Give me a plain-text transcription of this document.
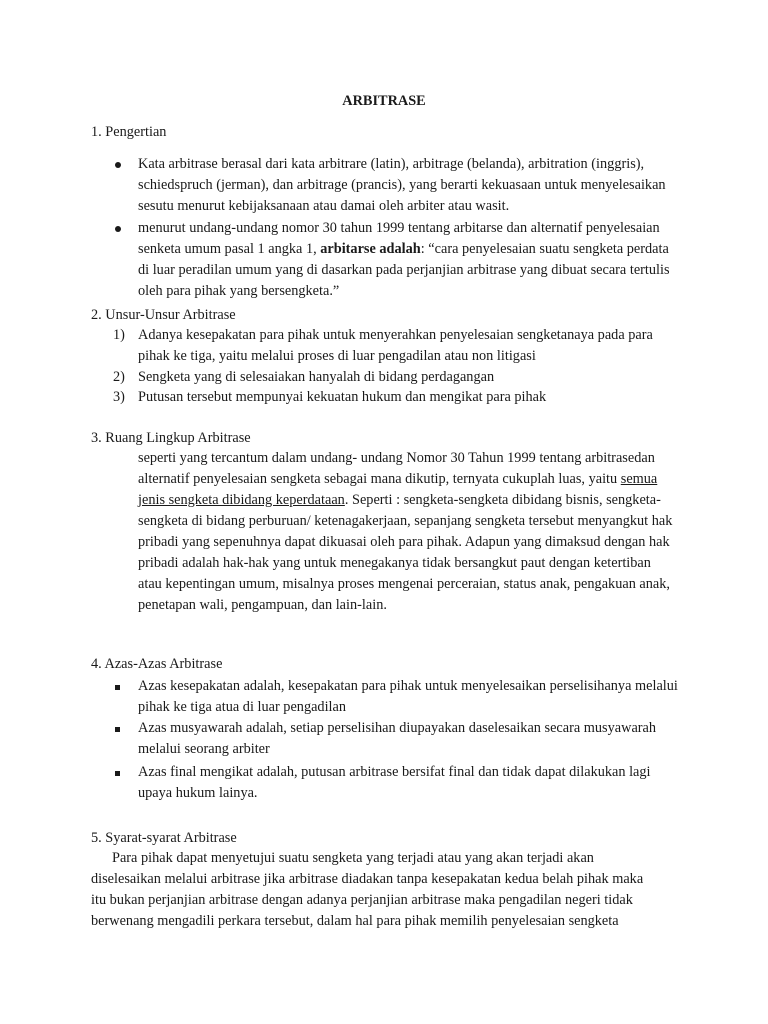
ARBITRASE
1. Pengertian
Kata arbitrase berasal dari kata arbitrare (latin), arbitrage (belanda), arbitration (inggris), schiedspruch (jerman), dan arbitrage (prancis), yang berarti kekuasaan untuk menyelesaikan sesutu menurut kebijaksanaan atau damai oleh arbiter atau wasit.
menurut undang-undang nomor 30 tahun 1999 tentang arbitarse dan alternatif penyelesaian senketa umum pasal 1 angka 1, arbitarse adalah: “cara penyelesaian suatu sengketa perdata di luar peradilan umum yang di dasarkan pada perjanjian arbitrase yang dibuat secara tertulis oleh para pihak yang bersengketa.”
2. Unsur-Unsur Arbitrase
1) Adanya kesepakatan para pihak untuk menyerahkan penyelesaian sengketanaya pada para pihak ke tiga, yaitu melalui proses di luar pengadilan atau non litigasi
2) Sengketa yang di selesaiakan hanyalah di bidang perdagangan
3) Putusan tersebut mempunyai kekuatan hukum dan mengikat para pihak
3. Ruang Lingkup Arbitrase
seperti yang tercantum dalam undang- undang Nomor 30 Tahun 1999 tentang arbitrasedan alternatif penyelesaian sengketa sebagai mana dikutip, ternyata cukuplah luas, yaitu semua jenis sengketa dibidang keperdataan. Seperti : sengketa-sengketa dibidang bisnis, sengketa-sengketa di bidang perburuan/ ketenagakerjaan, sepanjang sengketa tersebut menyangkut hak pribadi yang sepenuhnya dapat dikuasai oleh para pihak. Adapun yang dimaksud dengan hak pribadi adalah hak-hak yang untuk menegakanya tidak bersangkut paut dengan ketertiban atau kepentingan umum, misalnya proses mengenai perceraian, status anak, pengakuan anak, penetapan wali, pengampuan, dan lain-lain.
4. Azas-Azas Arbitrase
Azas kesepakatan adalah, kesepakatan para pihak untuk menyelesaikan perselisihanya melalui pihak ke tiga atua di luar pengadilan
Azas musyawarah adalah, setiap perselisihan diupayakan daselesaikan secara musyawarah melalui seorang arbiter
Azas final mengikat adalah, putusan arbitrase bersifat final dan tidak dapat dilakukan lagi upaya hukum lainya.
5. Syarat-syarat Arbitrase
Para pihak dapat menyetujui suatu sengketa yang terjadi atau yang akan terjadi akan
diselesaikan melalui arbitrase jika arbitrase diadakan tanpa kesepakatan kedua belah pihak maka
itu bukan perjanjian arbitrase dengan adanya perjanjian arbitrase maka pengadilan negeri tidak
berwenang mengadili perkara tersebut, dalam hal para pihak memilih penyelesaian sengketa
